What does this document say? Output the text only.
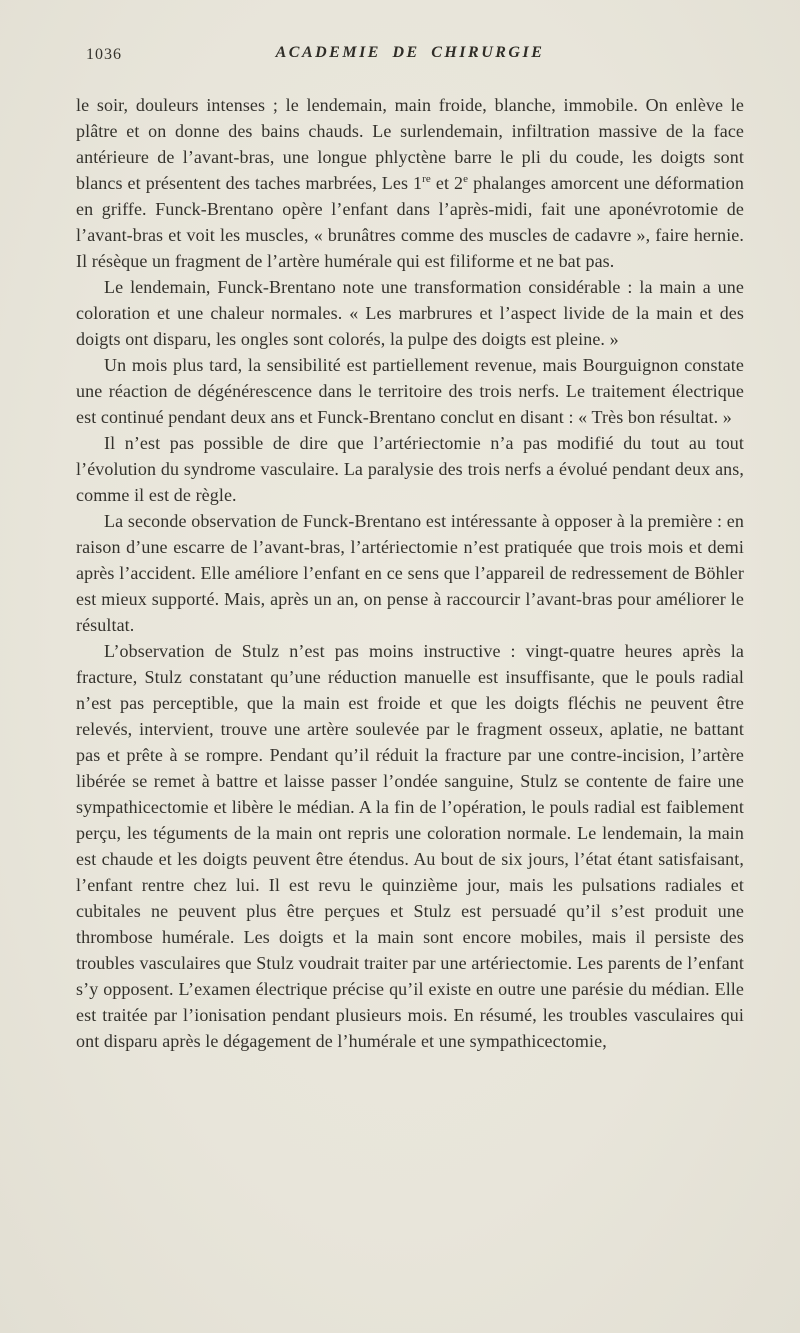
1036	ACADEMIE DE CHIRURGIE

le soir, douleurs intenses ; le lendemain, main froide, blanche, immobile. On enlève le plâtre et on donne des bains chauds. Le surlendemain, infiltration massive de la face antérieure de l’avant-bras, une longue phlyctène barre le pli du coude, les doigts sont blancs et présentent des taches marbrées, Les 1re et 2e phalanges amorcent une déformation en griffe. Funck-Brentano opère l’enfant dans l’après-midi, fait une aponévrotomie de l’avant-bras et voit les muscles, « brunâtres comme des muscles de cadavre », faire hernie. Il résèque un fragment de l’artère humérale qui est filiforme et ne bat pas.

Le lendemain, Funck-Brentano note une transformation considérable : la main a une coloration et une chaleur normales. « Les marbrures et l’aspect livide de la main et des doigts ont disparu, les ongles sont colorés, la pulpe des doigts est pleine. »

Un mois plus tard, la sensibilité est partiellement revenue, mais Bourguignon constate une réaction de dégénérescence dans le territoire des trois nerfs. Le traitement électrique est continué pendant deux ans et Funck-Brentano conclut en disant : « Très bon résultat. »

Il n’est pas possible de dire que l’artériectomie n’a pas modifié du tout au tout l’évolution du syndrome vasculaire. La paralysie des trois nerfs a évolué pendant deux ans, comme il est de règle.

La seconde observation de Funck-Brentano est intéressante à opposer à la première : en raison d’une escarre de l’avant-bras, l’artériectomie n’est pratiquée que trois mois et demi après l’accident. Elle améliore l’enfant en ce sens que l’appareil de redressement de Böhler est mieux supporté. Mais, après un an, on pense à raccourcir l’avant-bras pour améliorer le résultat.

L’observation de Stulz n’est pas moins instructive : vingt-quatre heures après la fracture, Stulz constatant qu’une réduction manuelle est insuffisante, que le pouls radial n’est pas perceptible, que la main est froide et que les doigts fléchis ne peuvent être relevés, intervient, trouve une artère soulevée par le fragment osseux, aplatie, ne battant pas et prête à se rompre. Pendant qu’il réduit la fracture par une contre-incision, l’artère libérée se remet à battre et laisse passer l’ondée sanguine, Stulz se contente de faire une sympathicectomie et libère le médian. A la fin de l’opération, le pouls radial est faiblement perçu, les téguments de la main ont repris une coloration normale. Le lendemain, la main est chaude et les doigts peuvent être étendus. Au bout de six jours, l’état étant satisfaisant, l’enfant rentre chez lui. Il est revu le quinzième jour, mais les pulsations radiales et cubitales ne peuvent plus être perçues et Stulz est persuadé qu’il s’est produit une thrombose humérale. Les doigts et la main sont encore mobiles, mais il persiste des troubles vasculaires que Stulz voudrait traiter par une artériectomie. Les parents de l’enfant s’y opposent. L’examen électrique précise qu’il existe en outre une parésie du médian. Elle est traitée par l’ionisation pendant plusieurs mois. En résumé, les troubles vasculaires qui ont disparu après le dégagement de l’humérale et une sympathicectomie,
